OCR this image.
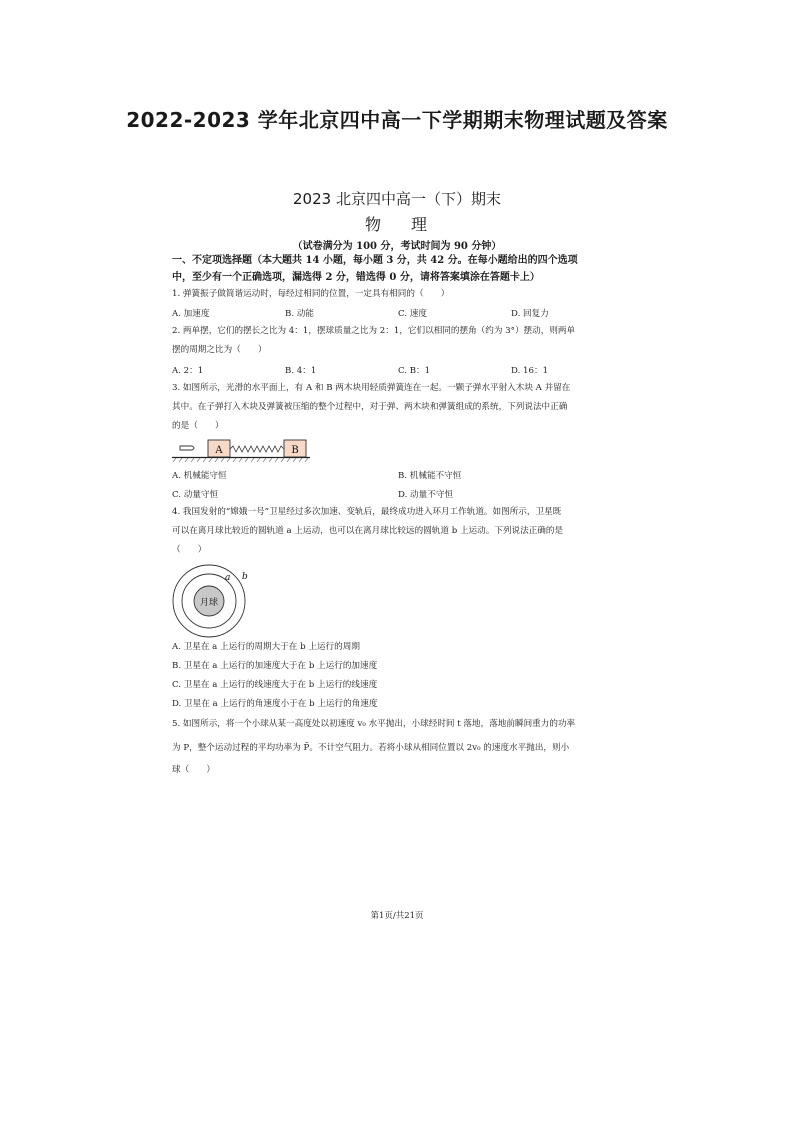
2022-2023 学年北京四中高一下学期期末物理试题及答案
2023 北京四中高一（下）期末
物 理
（试卷满分为 100 分，考试时间为 90 分钟）
一、不定项选择题（本大题共 14 小题，每小题 3 分，共 42 分。在每小题给出的四个选项
中，至少有一个正确选项，漏选得 2 分，错选得 0 分，请将答案填涂在答题卡上）
1. 弹簧振子做简谐运动时，每经过相同的位置，一定具有相同的（　　）
A. 加速度	B. 动能	C. 速度	D. 回复力
2. 两单摆，它们的摆长之比为 4：1，摆球质量之比为 2：1，它们以相同的摆角（约为 3°）摆动，则两单
摆的周期之比为（　　）
A. 2：1	B. 4：1	C. B：1	D. 16：1
3. 如图所示，光滑的水平面上，有 A 和 B 两木块用轻质弹簧连在一起。一颗子弹水平射入木块 A 并留在
其中。在子弹打入木块及弹簧被压缩的整个过程中，对于弹、两木块和弹簧组成的系统，下列说法中正确
的是（　　）
A	B
A. 机械能守恒	B. 机械能不守恒
C. 动量守恒	D. 动量不守恒
4. 我国发射的“嫦娥一号”卫星经过多次加速、变轨后，最终成功进入环月工作轨道。如图所示，卫星既
可以在离月球比较近的圆轨道 a 上运动，也可以在离月球比较远的圆轨道 b 上运动。下列说法正确的是
（　　）
月球
a b
A. 卫星在 a 上运行的周期大于在 b 上运行的周期
B. 卫星在 a 上运行的加速度大于在 b 上运行的加速度
C. 卫星在 a 上运行的线速度大于在 b 上运行的线速度
D. 卫星在 a 上运行的角速度小于在 b 上运行的角速度
5. 如图所示，将一个小球从某一高度处以初速度 v₀ 水平抛出，小球经时间 t 落地，落地前瞬间重力的功率
为 P，整个运动过程的平均功率为 P̄。不计空气阻力。若将小球从相同位置以 2v₀ 的速度水平抛出，则小
球（　　）
第1页/共21页
